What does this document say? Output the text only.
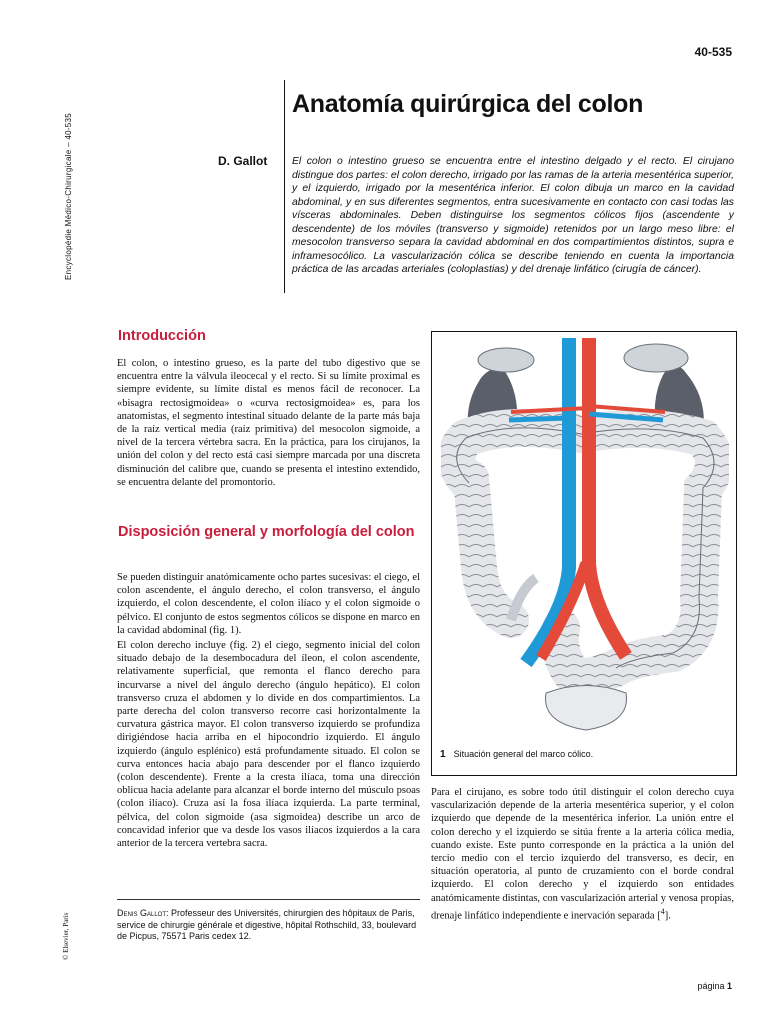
Encyclopédie Médico-Chirurgicale – 40-535
© Elsevier, Paris
40-535
Anatomía quirúrgica del colon
D. Gallot El colon o intestino grueso se encuentra entre el intestino delgado y el recto. El cirujano distingue dos partes: el colon derecho, irrigado por las ramas de la arteria mesentérica superior, y el izquierdo, irrigado por la mesentérica inferior. El colon dibuja un marco en la cavidad abdominal, y en sus diferentes segmentos, entra sucesivamente en contacto con casi todas las vísceras abdominales. Deben distinguirse los segmentos cólicos fijos (ascendente y descendente) de los móviles (transverso y sigmoide) retenidos por un largo meso libre: el mesocolon transverso separa la cavidad abdominal en dos compartimientos distintos, supra e inframesocólico. La vascularización cólica se describe teniendo en cuenta la importancia práctica de las arcadas arteriales (coloplastias) y del drenaje linfático (cirugía de cáncer).
Introducción

El colon, o intestino grueso, es la parte del tubo digestivo que se encuentra entre la válvula ileocecal y el recto. Si su límite proximal es siempre evidente, su límite distal es menos fácil de reconocer. La «bisagra rectosigmoidea» o «curva rectosigmoidea» es, para los anatomistas, el segmento intestinal situado delante de la parte más baja de la raíz vertical media (raíz primitiva) del mesocolon sigmoide, a nivel de la tercera vértebra sacra. En la práctica, para los cirujanos, la unión del colon y del recto está casi siempre marcada por una discreta disminución del calibre que, cuando se presenta el intestino extendido, se encuentra delante del promontorio.

Disposición general y morfología del colon

Se pueden distinguir anatómicamente ocho partes sucesivas: el ciego, el colon ascendente, el ángulo derecho, el colon transverso, el ángulo izquierdo, el colon descendente, el colon ilíaco y el colon sigmoide o pélvico. El conjunto de estos segmentos cólicos se dispone en marco en la cavidad abdominal (fig. 1).

El colon derecho incluye (fig. 2) el ciego, segmento inicial del colon situado debajo de la desembocadura del íleon, el colon ascendente, relativamente superficial, que remonta el flanco derecho para incurvarse a nivel del ángulo derecho (ángulo hepático). El colon transverso cruza el abdomen y lo divide en dos compartimientos. La parte derecha del colon transverso recorre casi horizontalmente la curvatura gástrica mayor. El colon transverso izquierdo se profundiza dirigiéndose hacia arriba en el hipocondrio izquierdo. El ángulo izquierdo (ángulo esplénico) está profundamente situado. El colon se curva entonces hacia abajo para descender por el flanco izquierdo (colon descendente). Frente a la cresta ilíaca, toma una dirección oblicua hacia adelante para alcanzar el borde interno del músculo psoas (colon ilíaco). Cruza así la fosa ilíaca izquierda. La parte terminal, pélvica, del colon sigmoide (asa sigmoidea) describe un arco de concavidad inferior que va desde los vasos ilíacos izquierdos a la cara anterior de la tercera vertebra sacra.

Denis Gallot: Professeur des Universités, chirurgien des hôpitaux de Paris, service de chirurgie générale et digestive, hôpital Rothschild, 33, boulevard de Picpus, 75571 Paris cedex 12.
1 Situación general del marco cólico.

Para el cirujano, es sobre todo útil distinguir el colon derecho cuya vascularización depende de la arteria mesentérica superior, y el colon izquierdo que depende de la mesentérica inferior. La unión entre el colon derecho y el izquierdo se sitúa frente a la arteria cólica media, cuando existe. Este punto corresponde en la práctica a la unión del tercio medio con el tercio izquierdo del transverso, es decir, en situación operatoria, al punto de cruzamiento con el borde condral izquierdo. El colon derecho y el izquierdo son entidades anatómicamente distintas, con vascularización arterial y venosa propias, drenaje linfático independiente e inervación separada [$^4$].

página 1
